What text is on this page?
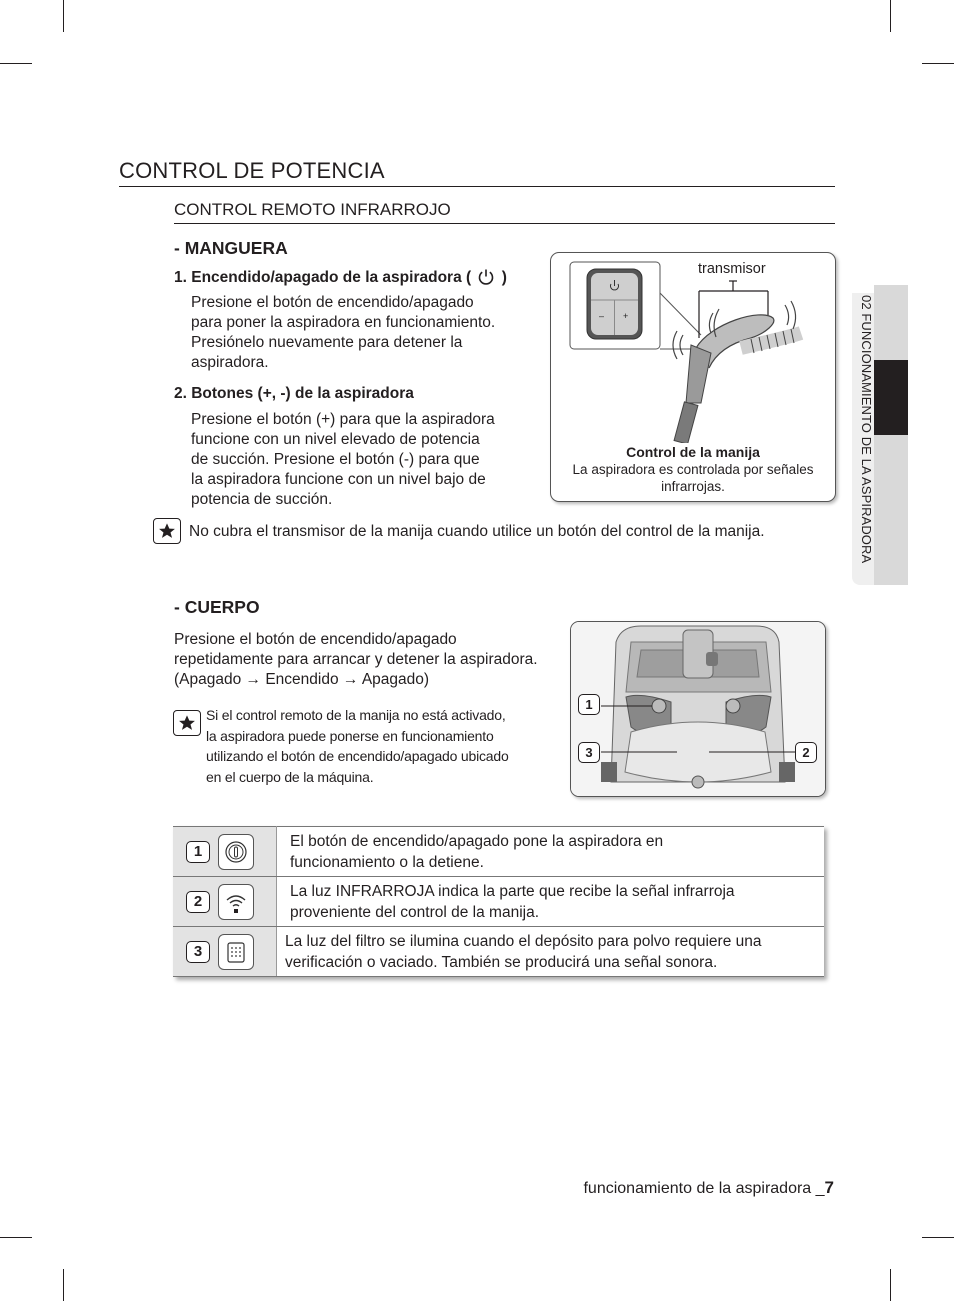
CONTROL DE POTENCIA
CONTROL REMOTO INFRARROJO
- MANGUERA
1. Encendido/apagado de la aspiradora ( )
Presione el botón de encendido/apagado
para poner la aspiradora en funcionamiento.
Presiónelo nuevamente para detener la
aspiradora.
2. Botones (+, -) de la aspiradora
Presione el botón (+) para que la aspiradora
funcione con un nivel elevado de potencia
de succión. Presione el botón (-) para que
la aspiradora funcione con un nivel bajo de
potencia de succión.
transmisor
Control de la manija
La aspiradora es controlada por señales
infrarrojas.
– +
No cubra el transmisor de la manija cuando utilice un botón del control de la manija.
- CUERPO
Presione el botón de encendido/apagado
repetidamente para arrancar y detener la aspiradora.
(Apagado → Encendido → Apagado)
Si el control remoto de la manija no está activado,
la aspiradora puede ponerse en funcionamiento
utilizando el botón de encendido/apagado ubicado
en el cuerpo de la máquina.
1
3	2
1	El botón de encendido/apagado pone la aspiradora en
funcionamiento o la detiene.

2	La luz INFRARROJA indica la parte que recibe la señal infrarroja
proveniente del control de la manija.

3	La luz del filtro se ilumina cuando el depósito para polvo requiere una
verificación o vaciado. También se producirá una señal sonora.
02 FUNCIONAMIENTO DE LA ASPIRADORA
funcionamiento de la aspiradora _7
